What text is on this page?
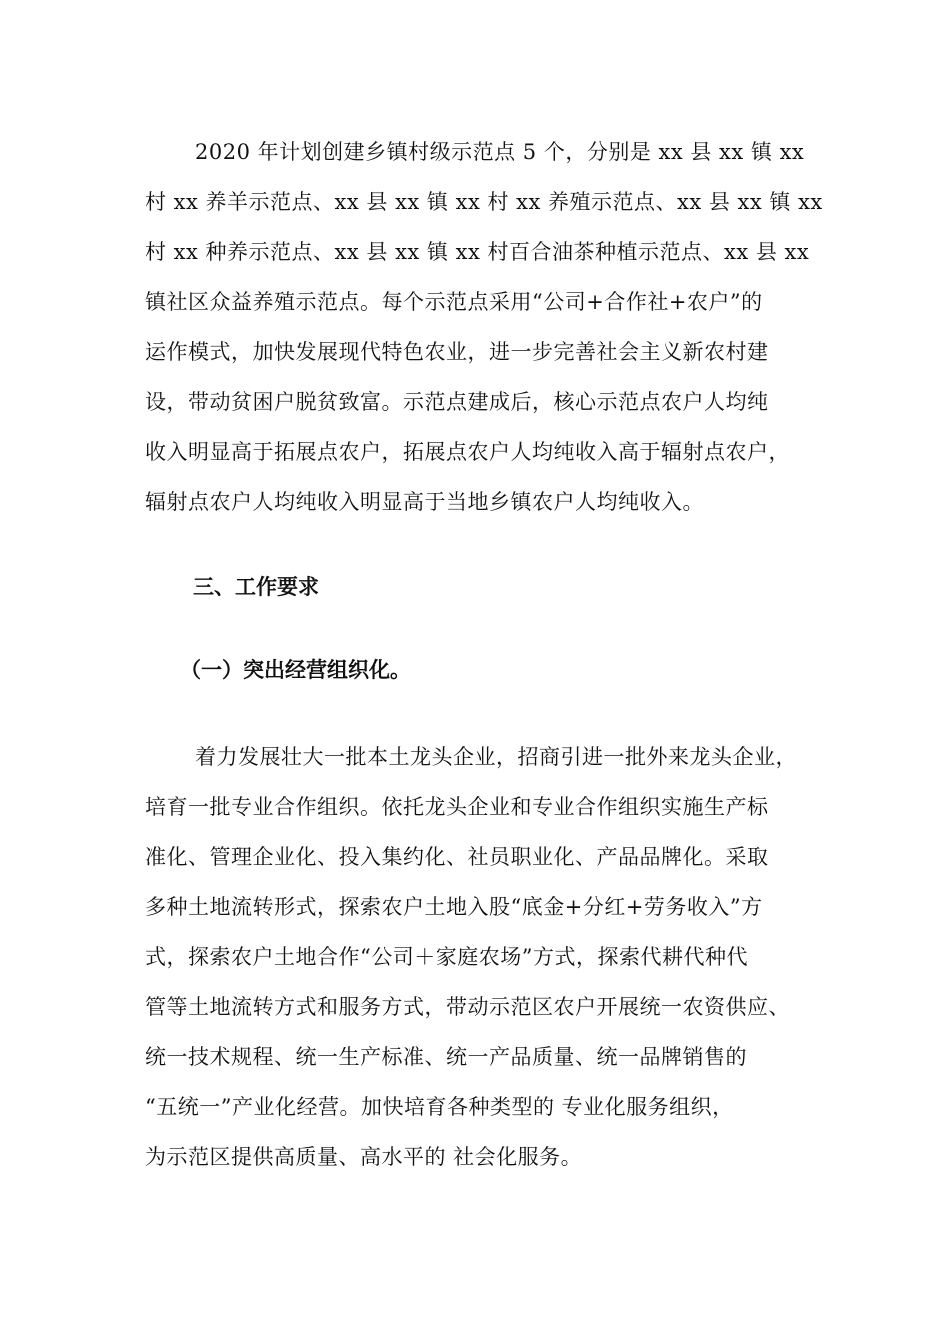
2020 年计划创建乡镇村级示范点 5 个，分别是 xx 县 xx 镇 xx
村 xx 养羊示范点、xx 县 xx 镇 xx 村 xx 养殖示范点、xx 县 xx 镇 xx
村 xx 种养示范点、xx 县 xx 镇 xx 村百合油茶种植示范点、xx 县 xx
镇社区众益养殖示范点。每个示范点采用“公司+合作社+农户”的
运作模式，加快发展现代特色农业，进一步完善社会主义新农村建
设，带动贫困户脱贫致富。示范点建成后，核心示范点农户人均纯
收入明显高于拓展点农户，拓展点农户人均纯收入高于辐射点农户，
辐射点农户人均纯收入明显高于当地乡镇农户人均纯收入。
三、工作要求
（一）突出经营组织化。
着力发展壮大一批本土龙头企业，招商引进一批外来龙头企业，
培育一批专业合作组织。依托龙头企业和专业合作组织实施生产标
准化、管理企业化、投入集约化、社员职业化、产品品牌化。采取
多种土地流转形式，探索农户土地入股“底金+分红+劳务收入”方
式，探索农户土地合作“公司＋家庭农场”方式，探索代耕代种代
管等土地流转方式和服务方式，带动示范区农户开展统一农资供应、
统一技术规程、统一生产标准、统一产品质量、统一品牌销售的
“五统一”产业化经营。加快培育各种类型的 专业化服务组织，
为示范区提供高质量、高水平的 社会化服务。
